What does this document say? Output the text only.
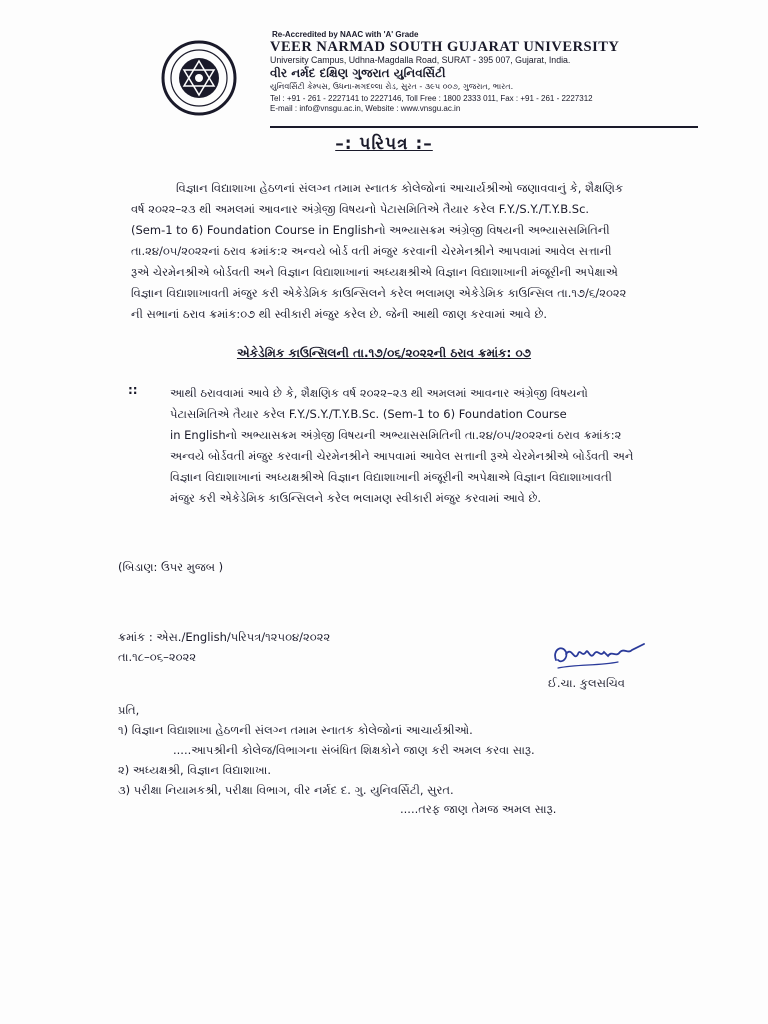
Re-Accredited by NAAC with 'A' Grade
VEER NARMAD SOUTH GUJARAT UNIVERSITY
University Campus, Udhna-Magdalla Road, SURAT - 395 007, Gujarat, India.
વીર નર્મદ દક્ષિણ ગુજરાત યુનિવર્સિટી
યુનિવર્સિટી કેમ્પસ, ઉધના-મગદલ્લા રોડ, સુરત - ૩૯૫ ૦૦૭, ગુજરાત, ભારત.
Tel : +91 - 261 - 2227141 to 2227146, Toll Free : 1800 2333 011, Fax : +91 - 261 - 2227312
E-mail : info@vnsgu.ac.in, Website : www.vnsgu.ac.in
–: પરિપત્ર :–
વિજ્ઞાન વિદ્યાશાખા હેઠળનાં સંલગ્ન તમામ સ્નાતક કોલેજોનાં આચાર્યશ્રીઓ જણાવવાનું કે, શૈક્ષણિક
વર્ષ ૨૦૨૨–૨૩ થી અમલમાં આવનાર અંગ્રેજી વિષયનો પેટાસમિતિએ તૈયાર કરેલ F.Y./S.Y./T.Y.B.Sc.
(Sem-1 to 6) Foundation Course in Englishનો અભ્યાસક્રમ અંગ્રેજી વિષયની અભ્યાસસમિતિની
તા.૨૪/૦૫/૨૦૨૨નાં ઠરાવ ક્રમાંક:૨ અન્વયે બોર્ડ વતી મંજુર કરવાની ચેરમેનશ્રીને આપવામાં આવેલ સત્તાની
રૂએ ચેરમેનશ્રીએ બોર્ડવતી અને વિજ્ઞાન વિદ્યાશાખાનાં અધ્યક્ષશ્રીએ વિજ્ઞાન વિદ્યાશાખાની મંજૂરીની અપેક્ષાએ
વિજ્ઞાન વિદ્યાશાખાવતી મંજુર કરી એકેડેમિક કાઉન્સિલને કરેલ ભલામણ એકેડેમિક કાઉન્સિલ તા.૧૭/૬/૨૦૨૨
ની સભાનાં ઠરાવ ક્રમાંક:૦૭ થી સ્વીકારી મંજુર કરેલ છે. જેની આથી જાણ કરવામાં આવે છે.
એકેડેમિક કાઉન્સિલની તા.૧૭/૦૬/૨૦૨૨ની ઠરાવ ક્રમાંક: ૦૭
::	આથી ઠરાવવામાં આવે છે કે, શૈક્ષણિક વર્ષ ૨૦૨૨–૨૩ થી અમલમાં આવનાર અંગ્રેજી વિષયનો
પેટાસમિતિએ તૈયાર કરેલ F.Y./S.Y./T.Y.B.Sc. (Sem-1 to 6) Foundation Course
in Englishનો અભ્યાસક્રમ અંગ્રેજી વિષયની અભ્યાસસમિતિની તા.૨૪/૦૫/૨૦૨૨નાં ઠરાવ ક્રમાંક:૨
અન્વયે બોર્ડવતી મંજુર કરવાની ચેરમેનશ્રીને આપવામાં આવેલ સત્તાની રૂએ ચેરમેનશ્રીએ બોર્ડવતી અને
વિજ્ઞાન વિદ્યાશાખાનાં અધ્યક્ષશ્રીએ વિજ્ઞાન વિદ્યાશાખાની મંજૂરીની અપેક્ષાએ વિજ્ઞાન વિદ્યાશાખાવતી
મંજુર કરી એકેડેમિક કાઉન્સિલને કરેલ ભલામણ સ્વીકારી મંજુર કરવામાં આવે છે.
(બિડાણ: ઉપર મુજબ )
ક્રમાંક : એસ./English/પરિપત્ર/૧૨૫૦૪/૨૦૨૨
તા.૧૮–૦૬–૨૦૨૨
ઈ.ચા. કુલસચિવ
પ્રતિ,
૧) વિજ્ઞાન વિદ્યાશાખા હેઠળની સંલગ્ન તમામ સ્નાતક કોલેજોનાં આચાર્યશ્રીઓ.
.....આપશ્રીની કોલેજ/વિભાગના સંબંધિત શિક્ષકોને જાણ કરી અમલ કરવા સારૂ.
૨) અધ્યક્ષશ્રી, વિજ્ઞાન વિદ્યાશાખા.
૩) પરીક્ષા નિયામકશ્રી, પરીક્ષા વિભાગ, વીર નર્મદ દ. ગુ. યુનિવર્સિટી, સુરત.
.....તરફ જાણ તેમજ અમલ સારૂ.
